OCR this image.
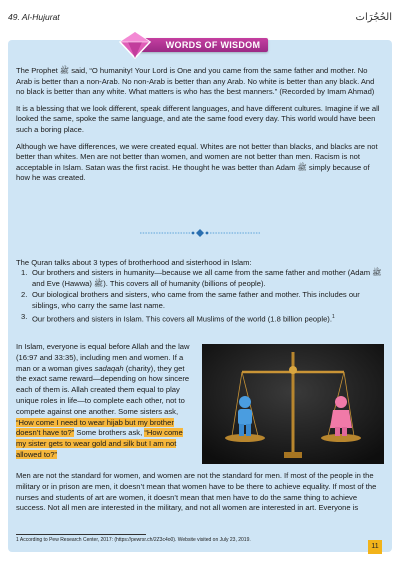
49. Al-Hujurat	الحُجُرَات
WORDS OF WISDOM

The Prophet ﷺ said, “O humanity! Your Lord is One and you came from the same father and mother. No Arab is better than a non-Arab. No non-Arab is better than any Arab. No white is better than any black. And no black is better than any white. What matters is who has the best manners.” (Recorded by Imam Ahmad)

It is a blessing that we look different, speak different languages, and have different cultures. Imagine if we all looked the same, spoke the same language, and ate the same food every day. This world would have been such a boring place.

Although we have differences, we were created equal. Whites are not better than blacks, and blacks are not better than whites. Men are not better than women, and women are not better than men. Racism is not acceptable in Islam. Satan was the first racist. He thought he was better than Adam ﷺ simply because of how he was created.

The Quran talks about 3 types of brotherhood and sisterhood in Islam:
1. Our brothers and sisters in humanity—because we all came from the same father and mother (Adam ﷺ and Eve (Hawwa) ﷺ). This covers all of humanity (billions of people).
2. Our biological brothers and sisters, who came from the same father and mother. This includes our siblings, who carry the same last name.
3. Our brothers and sisters in Islam. This covers all Muslims of the world (1.8 billion people).$^1$
In Islam, everyone is equal before Allah and the law (16:97 and 33:35), including men and women. If a man or a woman gives sadaqah (charity), they get the exact same reward—depending on how sincere each of them is. Allah created them equal to play unique roles in life—to complete each other, not to compete against one another. Some sisters ask, “How come I need to wear hijab but my brother doesn’t have to?” Some brothers ask, “How come my sister gets to wear gold and silk but I am not allowed to?”
Men are not the standard for women, and women are not the standard for men. If most of the people in the military or in prison are men, it doesn’t mean that women have to be there to achieve equality. If most of the nurses and students of art are women, it doesn’t mean that men have to do the same thing to achieve success. Not all men are interested in the military, and not all women are interested in art. Everyone is
1 According to Pew Research Center, 2017: (https://pewrsr.ch/2Z3c4o0). Website visited on July 23, 2019.
11
